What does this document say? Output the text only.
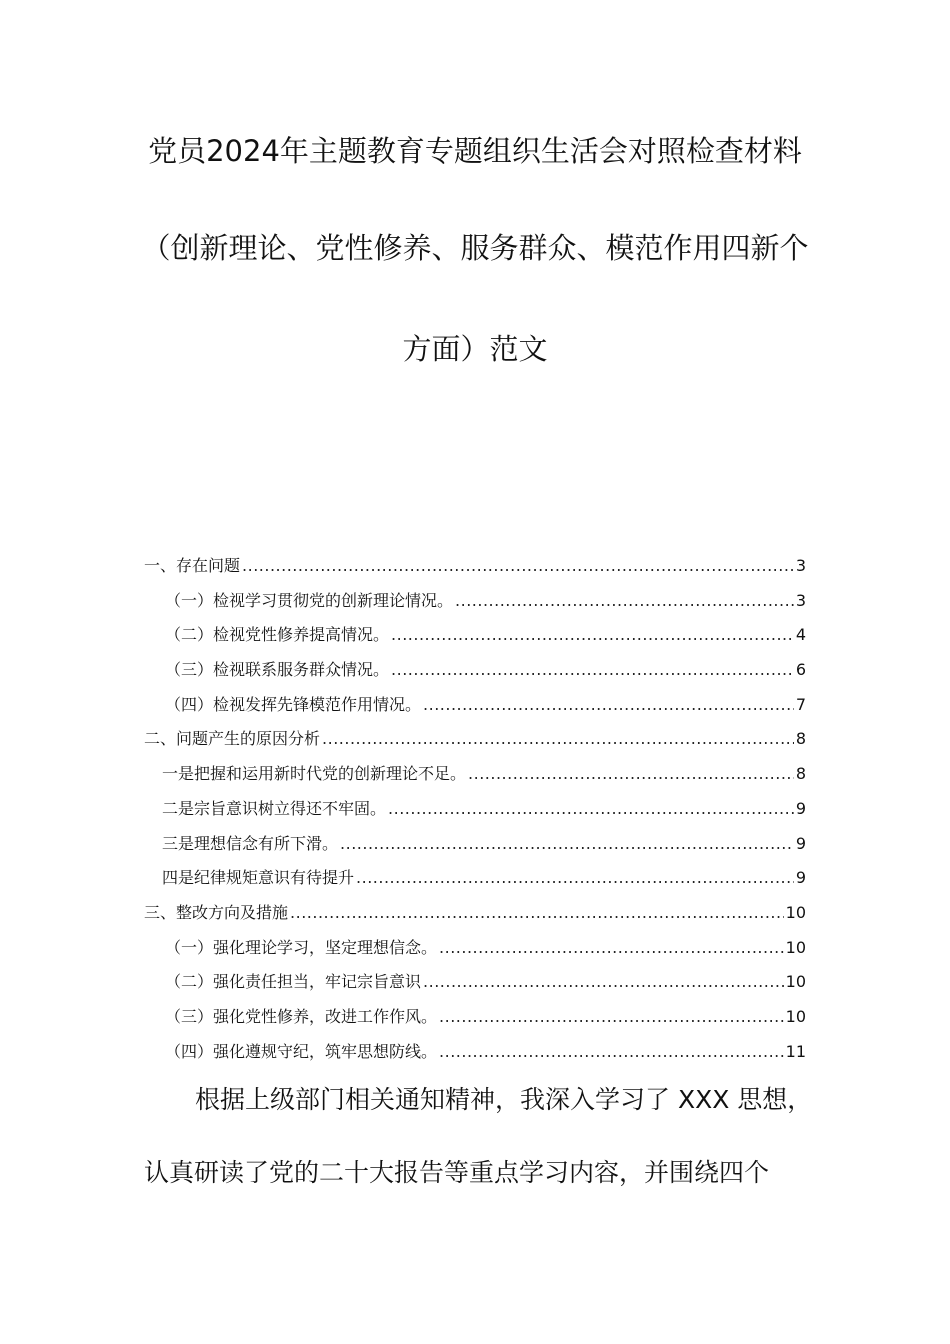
党员2024年主题教育专题组织生活会对照检查材料
（创新理论、党性修养、服务群众、模范作用四新个
方面）范文
一、存在问题 .....	3
（一）检视学习贯彻党的创新理论情况。 .....	3
（二）检视党性修养提高情况。 .....	4
（三）检视联系服务群众情况。 .....	6
（四）检视发挥先锋模范作用情况。 .....	7
二、问题产生的原因分析 .....	8
一是把握和运用新时代党的创新理论不足。 .....	8
二是宗旨意识树立得还不牢固。 .....	9
三是理想信念有所下滑。 .....	9
四是纪律规矩意识有待提升 .....	9
三、整改方向及措施 .....	10
（一）强化理论学习，坚定理想信念。 .....	10
（二）强化责任担当，牢记宗旨意识 .....	10
（三）强化党性修养，改进工作作风。 .....	10
（四）强化遵规守纪，筑牢思想防线。 .....	11
根据上级部门相关通知精神，我深入学习了 XXX 思想，
认真研读了党的二十大报告等重点学习内容，并围绕四个
